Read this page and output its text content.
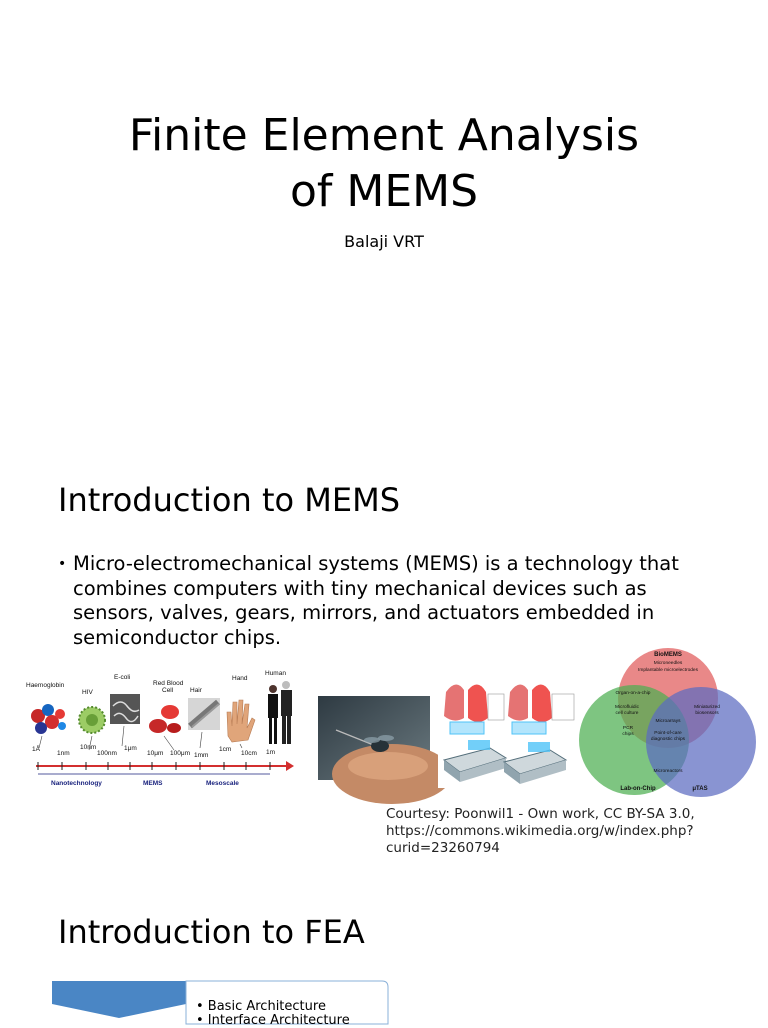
Finite Element Analysis
of MEMS
Balaji VRT
Introduction to MEMS
• Micro-electromechanical systems (MEMS) is a technology that combines computers with tiny mechanical devices such as sensors, valves, gears, mirrors, and actuators embedded in semiconductor chips.
Haemoglobin
HIV
E-coli
Red Blood
Cell	Hair
Hand
Human
1Å
1nm
10nm
100nm
1μm
10μm 100μm 1mm
1cm
10cm 1m
Nanotechnology	MEMS	Mesoscale
BioMEMS
Microneedles
Implantable microelectrodes
Organ-on-a-chip
Microfluidic
cell culture
PCR
chips
Miniaturized
biosensors
Microarrays
Point-of-care
diagnostic chips
Microreactors
Lab-on-Chip	μTAS
Courtesy: Poonwil1 - Own work, CC BY-SA 3.0,
https://commons.wikimedia.org/w/index.php?
curid=23260794
Introduction to FEA
• Basic Architecture
• Interface Architecture
